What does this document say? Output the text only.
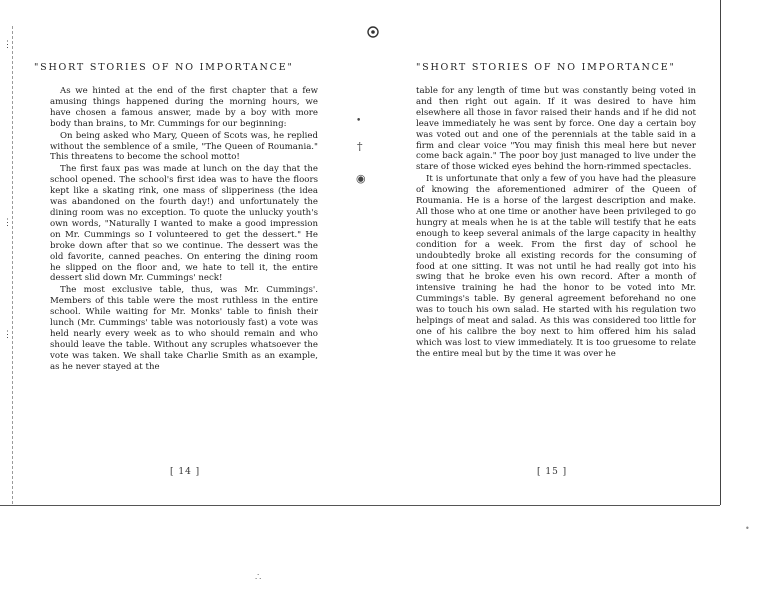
•
†
◉
⋮
⋮
⋮
∴
•
"SHORT STORIES OF NO IMPORTANCE"

As we hinted at the end of the first chapter that a few amusing things happened during the morning hours, we have chosen a famous answer, made by a boy with more body than brains, to Mr. Cummings for our beginning:

On being asked who Mary, Queen of Scots was, he replied without the semblence of a smile, "The Queen of Roumania." This threatens to become the school motto!

The first faux pas was made at lunch on the day that the school opened. The school's first idea was to have the floors kept like a skating rink, one mass of slipperiness (the idea was abandoned on the fourth day!) and unfortunately the dining room was no exception. To quote the unlucky youth's own words, "Naturally I wanted to make a good impression on Mr. Cummings so I volunteered to get the dessert." He broke down after that so we continue. The dessert was the old favorite, canned peaches. On entering the dining room he slipped on the floor and, we hate to tell it, the entire dessert slid down Mr. Cummings' neck!

The most exclusive table, thus, was Mr. Cummings'. Members of this table were the most ruthless in the entire school. While waiting for Mr. Monks' table to finish their lunch (Mr. Cummings' table was notoriously fast) a vote was held nearly every week as to who should remain and who should leave the table. Without any scruples whatsoever the vote was taken. We shall take Charlie Smith as an example, as he never stayed at the

[ 14 ]
"SHORT STORIES OF NO IMPORTANCE"

table for any length of time but was constantly being voted in and then right out again. If it was desired to have him elsewhere all those in favor raised their hands and if he did not leave immediately he was sent by force. One day a certain boy was voted out and one of the perennials at the table said in a firm and clear voice "You may finish this meal here but never come back again." The poor boy just managed to live under the stare of those wicked eyes behind the horn-rimmed spectacles.

It is unfortunate that only a few of you have had the pleasure of knowing the aforementioned admirer of the Queen of Roumania. He is a horse of the largest description and make. All those who at one time or another have been privileged to go hungry at meals when he is at the table will testify that he eats enough to keep several animals of the large capacity in healthy condition for a week. From the first day of school he undoubtedly broke all existing records for the consuming of food at one sitting. It was not until he had really got into his swing that he broke even his own record. After a month of intensive training he had the honor to be voted into Mr. Cummings's table. By general agreement beforehand no one was to touch his own salad. He started with his regulation two helpings of meat and salad. As this was considered too little for one of his calibre the boy next to him offered him his salad which was lost to view immediately. It is too gruesome to relate the entire meal but by the time it was over he

[ 15 ]
